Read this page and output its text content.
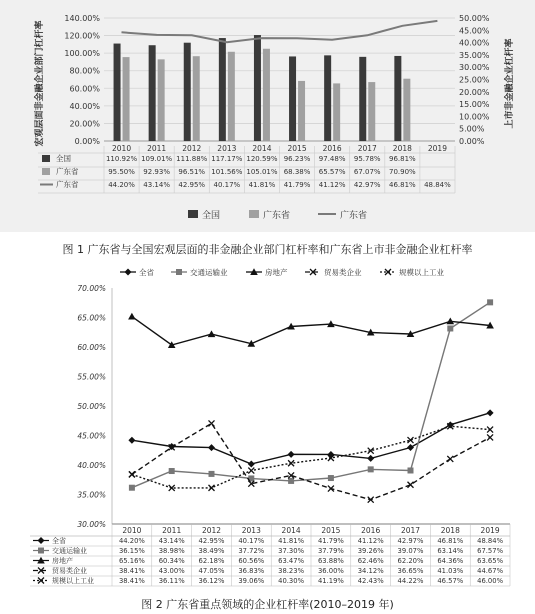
0.00%
20.00%
40.00%
60.00%
80.00%
100.00%
120.00%
140.00%
0.00%
5.00%
10.00%
15.00%
20.00%
25.00%
30.00%
35.00%
40.00%
45.00%
50.00%
宏观层面非金融企业部门杠杆率	上市非金融企业杠杆率
2010 2011 2012 2013 2014 2015 2016 2017 2018 2019
全国	110.92% 109.01% 111.88% 117.17% 120.59% 96.23% 97.48% 95.78% 96.81%
广东省	95.50% 92.93% 96.51% 101.56% 105.01% 68.38% 65.57% 67.07% 70.90%
广东省	44.20% 43.14% 42.95% 40.17% 41.81% 41.79% 41.12% 42.97% 46.81% 48.84%
全国	广东省	广东省
图 1 广东省与全国宏观层面的非金融企业部门杠杆率和广东省上市非金融企业杠杆率
30.00%
35.00%
40.00%
45.00%
50.00%
55.00%
60.00%
65.00%
70.00%
全省	交通运输业	房地产	贸易类企业	规模以上工业
2010	2011	2012	2013	2014	2015	2016	2017	2018	2019
全省	44.20% 43.14% 42.95% 40.17% 41.81% 41.79% 41.12% 42.97% 46.81% 48.84%
交通运输业	36.15% 38.98% 38.49% 37.72% 37.30% 37.79% 39.26% 39.07% 63.14% 67.57%
房地产	65.16% 60.34% 62.18% 60.56% 63.47% 63.88% 62.46% 62.20% 64.36% 63.65%
贸易类企业	38.41% 43.00% 47.05% 36.83% 38.23% 36.00% 34.12% 36.65% 41.03% 44.67%
规模以上工业	38.41% 36.11% 36.12% 39.06% 40.30% 41.19% 42.43% 44.22% 46.57% 46.00%
图 2 广东省重点领域的企业杠杆率(2010–2019 年)
